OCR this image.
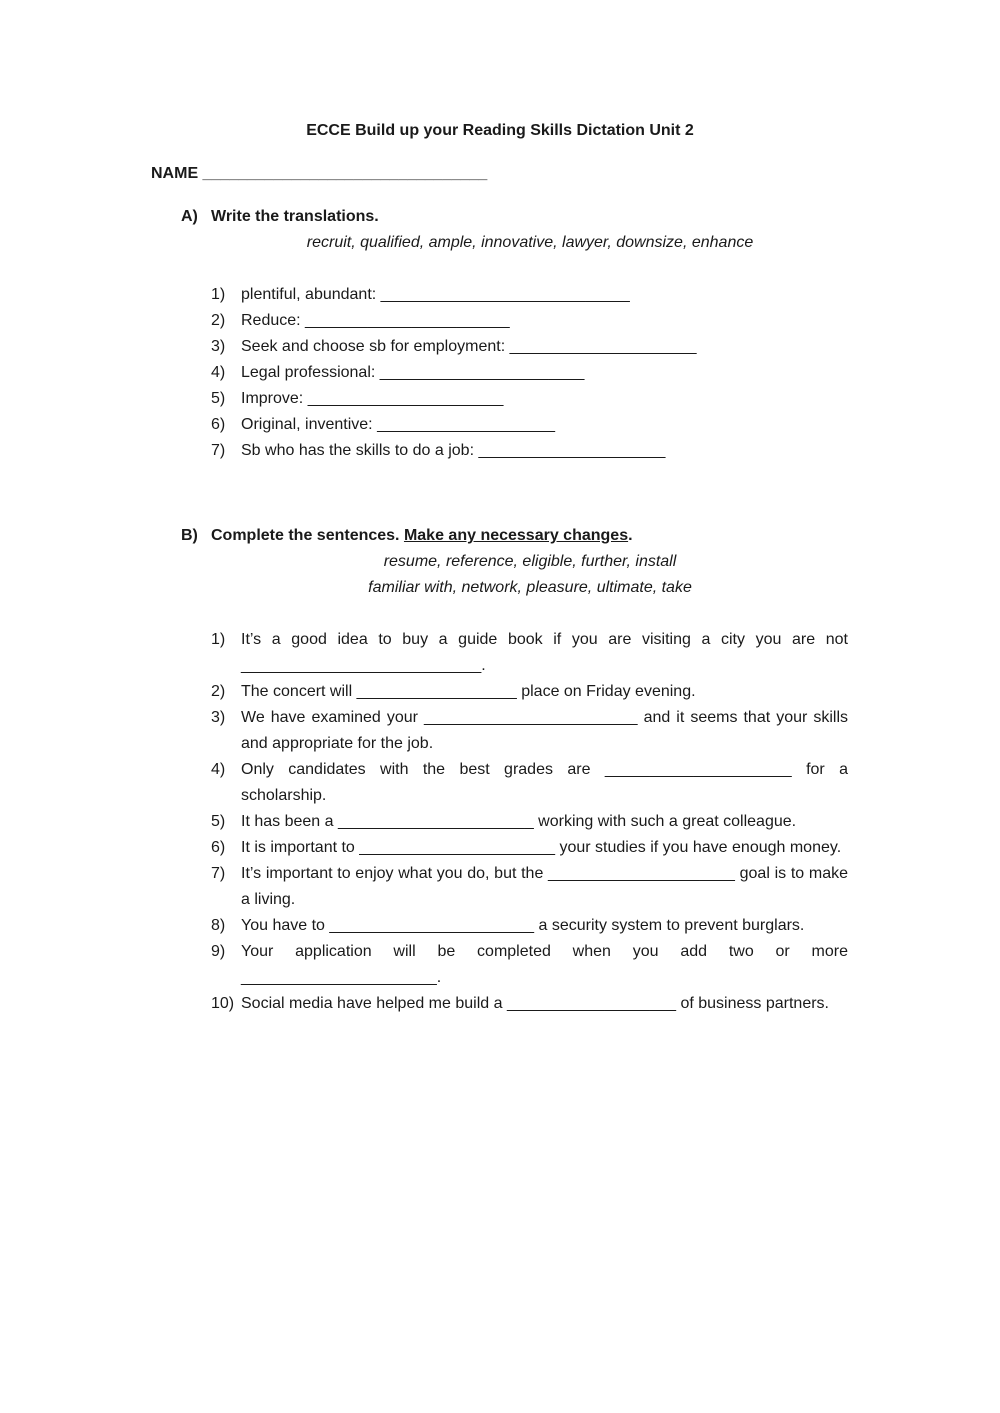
ECCE Build up your Reading Skills Dictation Unit 2
NAME ________________________________
A) Write the translations.
recruit, qualified, ample, innovative, lawyer, downsize, enhance
1) plentiful, abundant: ____________________________
2) Reduce: _______________________
3) Seek and choose sb for employment: _____________________
4) Legal professional: _______________________
5) Improve: ______________________
6) Original, inventive: ____________________
7) Sb who has the skills to do a job: _____________________
B) Complete the sentences. Make any necessary changes.
resume, reference, eligible, further, install
familiar with, network, pleasure, ultimate, take
1) It’s a good idea to buy a guide book if you are visiting a city you are not ___________________________.
2) The concert will __________________ place on Friday evening.
3) We have examined your ________________________ and it seems that your skills and appropriate for the job.
4) Only candidates with the best grades are _____________________ for a scholarship.
5) It has been a ______________________ working with such a great colleague.
6) It is important to ______________________ your studies if you have enough money.
7) It’s important to enjoy what you do, but the _____________________ goal is to make a living.
8) You have to _______________________ a security system to prevent burglars.
9) Your application will be completed when you add two or more ______________________.
10) Social media have helped me build a ___________________ of business partners.
